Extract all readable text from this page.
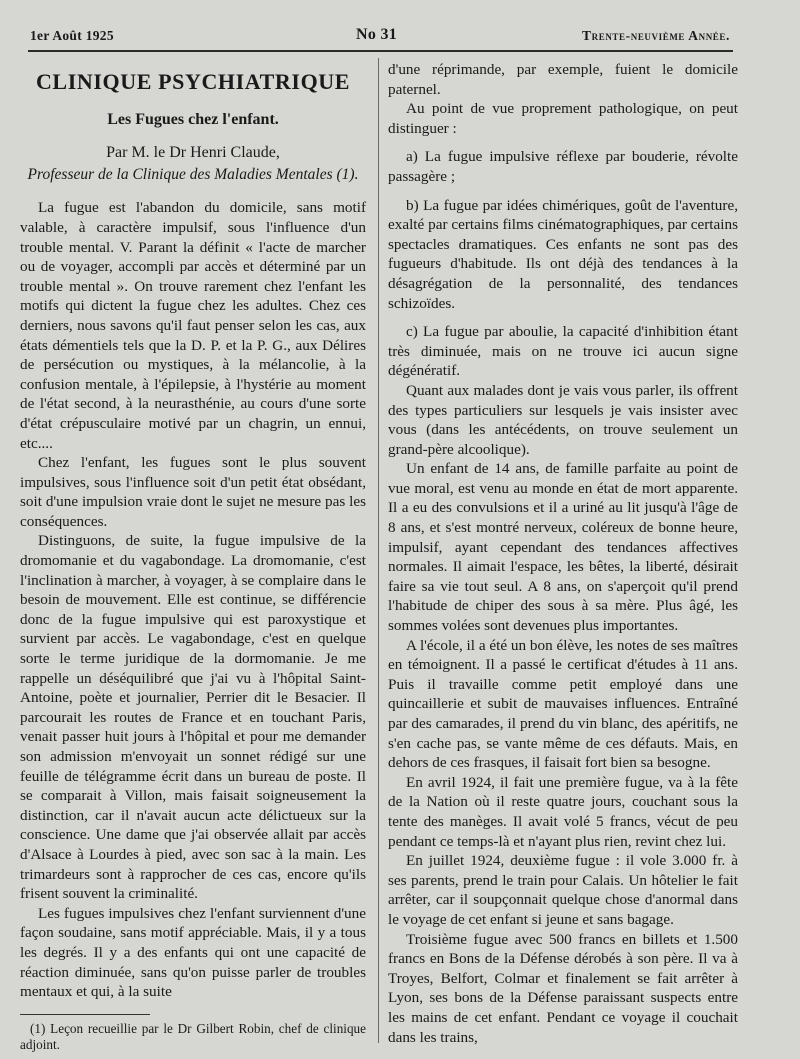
1er Août 1925	No 31	Trente-neuvième Année.
CLINIQUE PSYCHIATRIQUE
Les Fugues chez l'enfant.
Par M. le Dr Henri Claude,
Professeur de la Clinique des Maladies Mentales (1).

La fugue est l'abandon du domicile, sans motif valable, à caractère impulsif, sous l'influence d'un trouble mental. V. Parant la définit « l'acte de marcher ou de voyager, accompli par accès et déterminé par un trouble mental ». On trouve rarement chez l'enfant les motifs qui dictent la fugue chez les adultes. Chez ces derniers, nous savons qu'il faut penser selon les cas, aux états démentiels tels que la D. P. et la P. G., aux Délires de persécution ou mystiques, à la mélancolie, à la confusion mentale, à l'épilepsie, à l'hystérie au moment de l'état second, à la neurasthénie, au cours d'une sorte d'état crépusculaire motivé par un chagrin, un ennui, etc....

Chez l'enfant, les fugues sont le plus souvent impulsives, sous l'influence soit d'un petit état obsédant, soit d'une impulsion vraie dont le sujet ne mesure pas les conséquences.

Distinguons, de suite, la fugue impulsive de la dromomanie et du vagabondage. La dromomanie, c'est l'inclination à marcher, à voyager, à se complaire dans le besoin de mouvement. Elle est continue, se différencie donc de la fugue impulsive qui est paroxystique et survient par accès. Le vagabondage, c'est en quelque sorte le terme juridique de la dormomanie. Je me rappelle un déséquilibré que j'ai vu à l'hôpital Saint-Antoine, poète et journalier, Perrier dit le Besacier. Il parcourait les routes de France et en touchant Paris, venait passer huit jours à l'hôpital et pour me demander son admission m'envoyait un sonnet rédigé sur une feuille de télégramme écrit dans un bureau de poste. Il se comparait à Villon, mais faisait soigneusement la distinction, car il n'avait aucun acte délictueux sur la conscience. Une dame que j'ai observée allait par accès d'Alsace à Lourdes à pied, avec son sac à la main. Les trimardeurs sont à rapprocher de ces cas, encore qu'ils frisent souvent la criminalité.

Les fugues impulsives chez l'enfant surviennent d'une façon soudaine, sans motif appréciable. Mais, il y a tous les degrés. Il y a des enfants qui ont une capacité de réaction diminuée, sans qu'on puisse parler de troubles mentaux et qui, à la suite

(1) Leçon recueillie par le Dr Gilbert Robin, chef de clinique adjoint.

d'une réprimande, par exemple, fuient le domicile paternel.

Au point de vue proprement pathologique, on peut distinguer :

a) La fugue impulsive réflexe par bouderie, révolte passagère ;

b) La fugue par idées chimériques, goût de l'aventure, exalté par certains films cinématographiques, par certains spectacles dramatiques. Ces enfants ne sont pas des fugueurs d'habitude. Ils ont déjà des tendances à la désagrégation de la personnalité, des tendances schizoïdes.

c) La fugue par aboulie, la capacité d'inhibition étant très diminuée, mais on ne trouve ici aucun signe dégénératif.

Quant aux malades dont je vais vous parler, ils offrent des types particuliers sur lesquels je vais insister avec vous (dans les antécédents, on trouve seulement un grand-père alcoolique).

Un enfant de 14 ans, de famille parfaite au point de vue moral, est venu au monde en état de mort apparente. Il a eu des convulsions et il a uriné au lit jusqu'à l'âge de 8 ans, et s'est montré nerveux, coléreux de bonne heure, impulsif, ayant cependant des tendances affectives normales. Il aimait l'espace, les bêtes, la liberté, désirait faire sa vie tout seul. A 8 ans, on s'aperçoit qu'il prend l'habitude de chiper des sous à sa mère. Plus âgé, les sommes volées sont devenues plus importantes.

A l'école, il a été un bon élève, les notes de ses maîtres en témoignent. Il a passé le certificat d'études à 11 ans. Puis il travaille comme petit employé dans une quincaillerie et subit de mauvaises influences. Entraîné par des camarades, il prend du vin blanc, des apéritifs, ne s'en cache pas, se vante même de ces défauts. Mais, en dehors de ces frasques, il faisait fort bien sa besogne.

En avril 1924, il fait une première fugue, va à la fête de la Nation où il reste quatre jours, couchant sous la tente des manèges. Il avait volé 5 francs, vécut de peu pendant ce temps-là et n'ayant plus rien, revint chez lui.

En juillet 1924, deuxième fugue : il vole 3.000 fr. à ses parents, prend le train pour Calais. Un hôtelier le fait arrêter, car il soupçonnait quelque chose d'anormal dans le voyage de cet enfant si jeune et sans bagage.

Troisième fugue avec 500 francs en billets et 1.500 francs en Bons de la Défense dérobés à son père. Il va à Troyes, Belfort, Colmar et finalement se fait arrêter à Lyon, ses bons de la Défense paraissant suspects entre les mains de cet enfant. Pendant ce voyage il couchait dans les trains,
